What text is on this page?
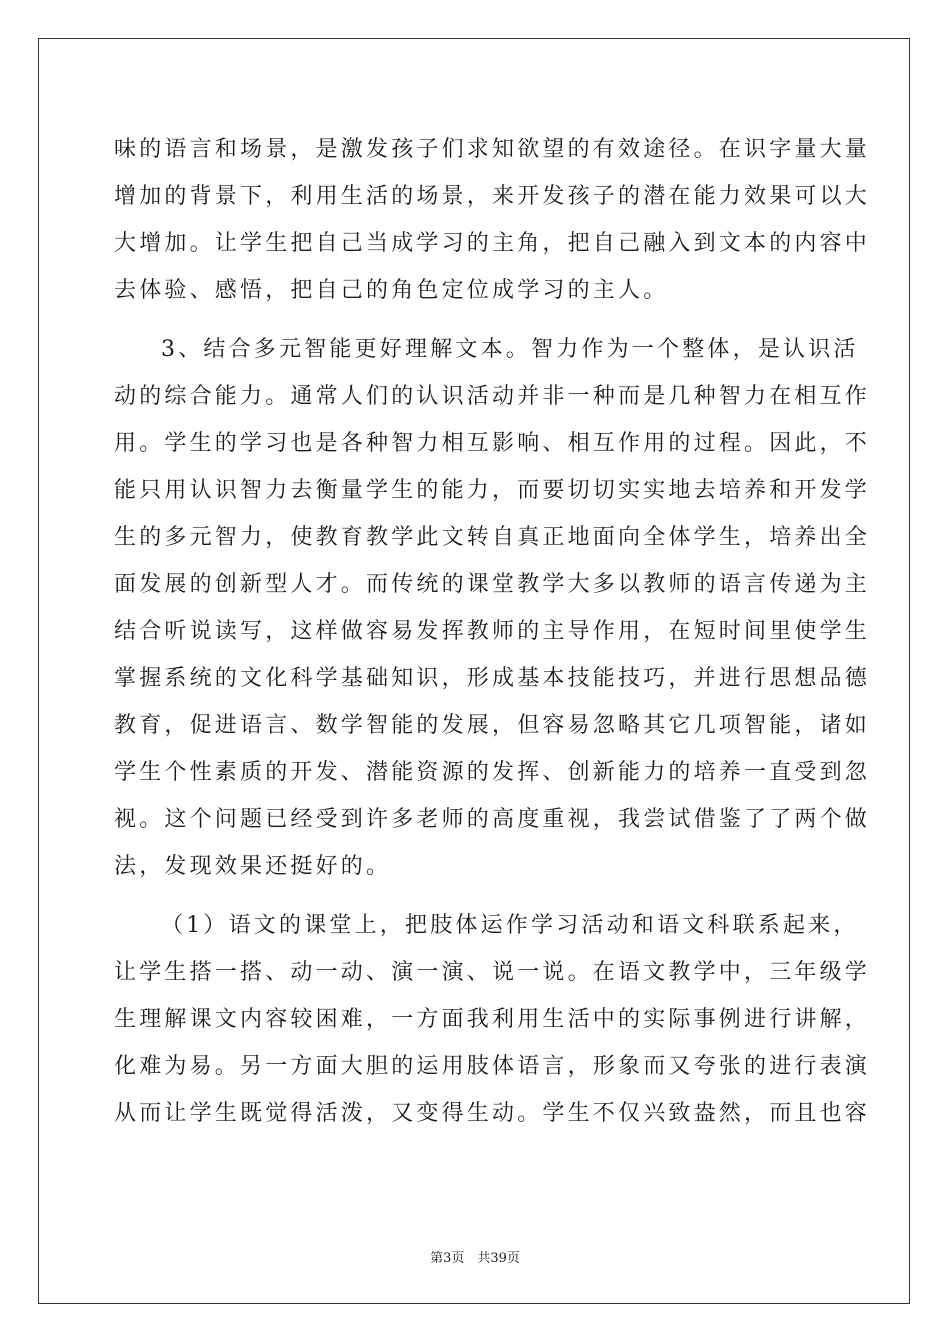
味的语言和场景，是激发孩子们求知欲望的有效途径。在识字量大量
增加的背景下，利用生活的场景，来开发孩子的潜在能力效果可以大
大增加。让学生把自己当成学习的主角，把自己融入到文本的内容中
去体验、感悟，把自己的角色定位成学习的主人。
3、结合多元智能更好理解文本。智力作为一个整体，是认识活
动的综合能力。通常人们的认识活动并非一种而是几种智力在相互作
用。学生的学习也是各种智力相互影响、相互作用的过程。因此，不
能只用认识智力去衡量学生的能力，而要切切实实地去培养和开发学
生的多元智力，使教育教学此文转自真正地面向全体学生，培养出全
面发展的创新型人才。而传统的课堂教学大多以教师的语言传递为主
结合听说读写，这样做容易发挥教师的主导作用，在短时间里使学生
掌握系统的文化科学基础知识，形成基本技能技巧，并进行思想品德
教育，促进语言、数学智能的发展，但容易忽略其它几项智能，诸如
学生个性素质的开发、潜能资源的发挥、创新能力的培养一直受到忽
视。这个问题已经受到许多老师的高度重视，我尝试借鉴了了两个做
法，发现效果还挺好的。
（1）语文的课堂上，把肢体运作学习活动和语文科联系起来，
让学生搭一搭、动一动、演一演、说一说。在语文教学中，三年级学
生理解课文内容较困难，一方面我利用生活中的实际事例进行讲解，
化难为易。另一方面大胆的运用肢体语言，形象而又夸张的进行表演
从而让学生既觉得活泼，又变得生动。学生不仅兴致盎然，而且也容
第3页　共39页
